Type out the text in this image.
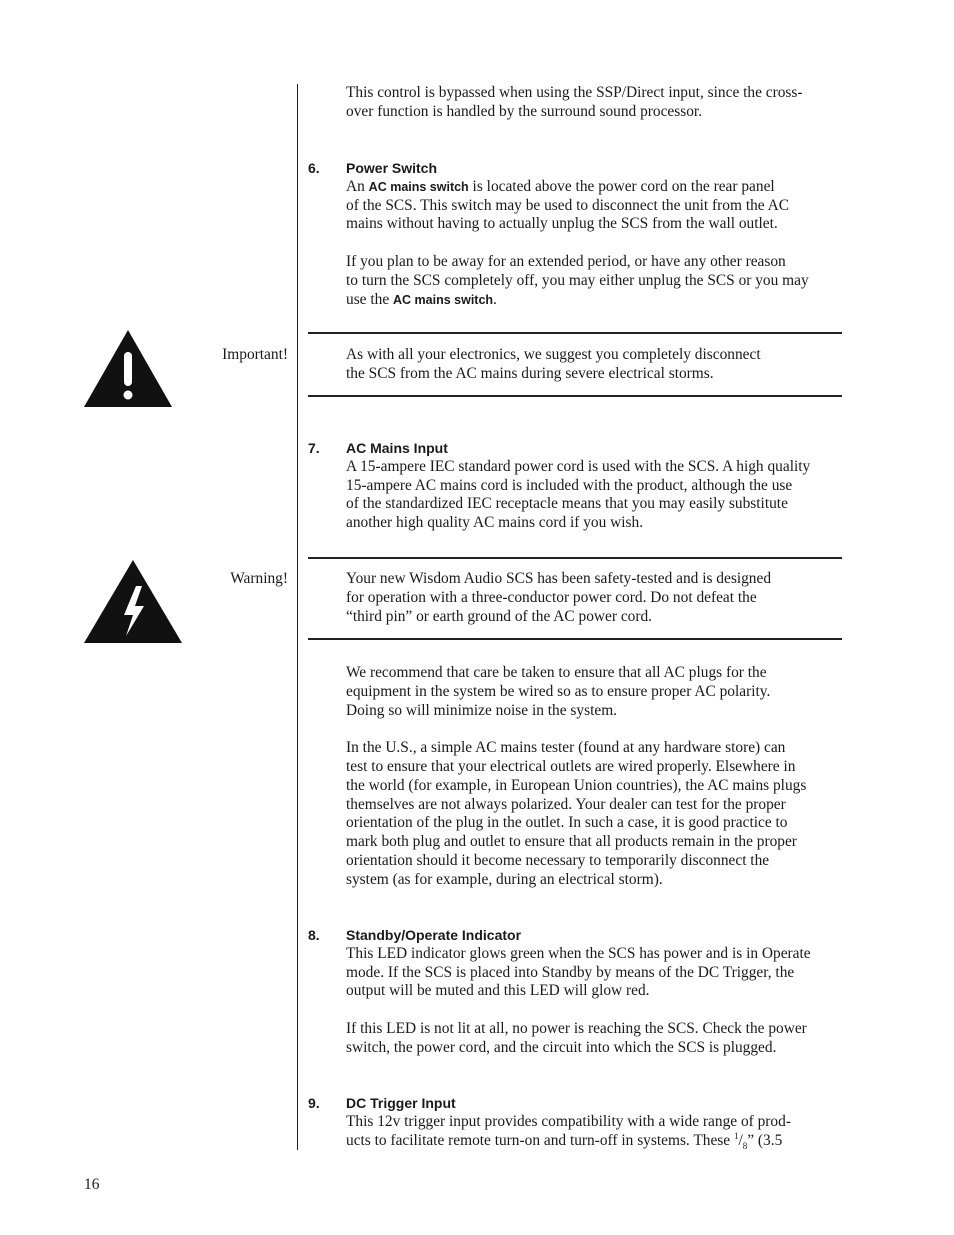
This control is bypassed when using the SSP/Direct input, since the cross-
over function is handled by the surround sound processor.

6. Power Switch

An AC mains switch is located above the power cord on the rear panel
of the SCS. This switch may be used to disconnect the unit from the AC
mains without having to actually unplug the SCS from the wall outlet.

If you plan to be away for an extended period, or have any other reason
to turn the SCS completely off, you may either unplug the SCS or you may
use the AC mains switch.

Important!	As with all your electronics, we suggest you completely disconnect
the SCS from the AC mains during severe electrical storms.

7. AC Mains Input

A 15-ampere IEC standard power cord is used with the SCS. A high quality
15-ampere AC mains cord is included with the product, although the use
of the standardized IEC receptacle means that you may easily substitute
another high quality AC mains cord if you wish.

Warning!	Your new Wisdom Audio SCS has been safety-tested and is designed
for operation with a three-conductor power cord. Do not defeat the
“third pin” or earth ground of the AC power cord.

We recommend that care be taken to ensure that all AC plugs for the
equipment in the system be wired so as to ensure proper AC polarity.
Doing so will minimize noise in the system.

In the U.S., a simple AC mains tester (found at any hardware store) can
test to ensure that your electrical outlets are wired properly. Elsewhere in
the world (for example, in European Union countries), the AC mains plugs
themselves are not always polarized. Your dealer can test for the proper
orientation of the plug in the outlet. In such a case, it is good practice to
mark both plug and outlet to ensure that all products remain in the proper
orientation should it become necessary to temporarily disconnect the
system (as for example, during an electrical storm).

8. Standby/Operate Indicator

This LED indicator glows green when the SCS has power and is in Operate
mode. If the SCS is placed into Standby by means of the DC Trigger, the
output will be muted and this LED will glow red.

If this LED is not lit at all, no power is reaching the SCS. Check the power
switch, the power cord, and the circuit into which the SCS is plugged.

9. DC Trigger Input

This 12v trigger input provides compatibility with a wide range of prod-
ucts to facilitate remote turn-on and turn-off in systems. These $^1/_8$” (3.5

16
